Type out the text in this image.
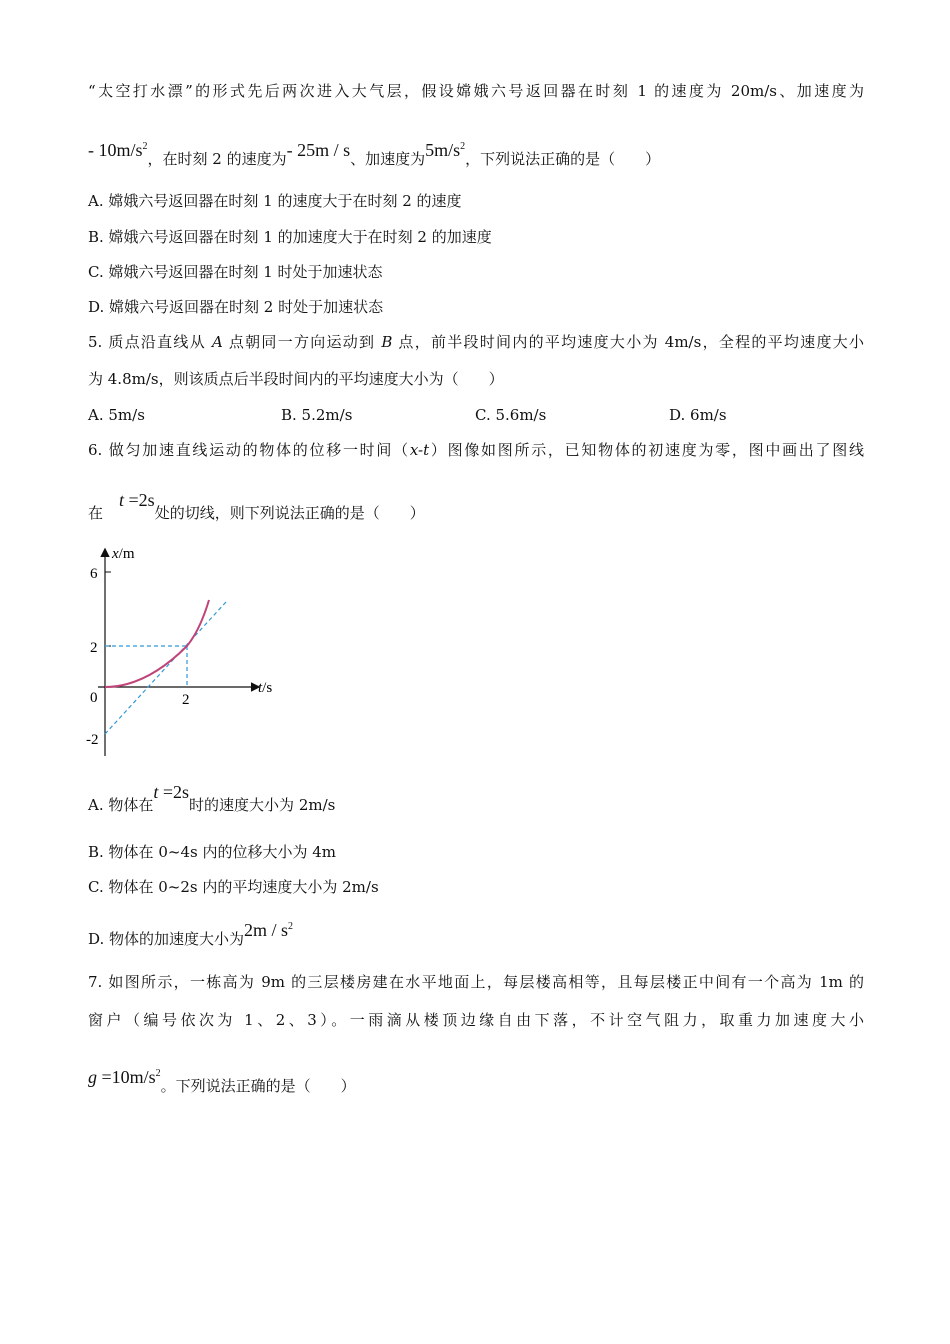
“太空打水漂”的形式先后两次进入大气层，假设嫦娥六号返回器在时刻 1 的速度为 20m/s、加速度为
- $10m/s^2$，在时刻 2 的速度为- 25m / s、加速度为$5m/s^2$，下列说法正确的是（　　）
A. 嫦娥六号返回器在时刻 1 的速度大于在时刻 2 的速度
B. 嫦娥六号返回器在时刻 1 的加速度大于在时刻 2 的加速度
C. 嫦娥六号返回器在时刻 1 时处于加速状态
D. 嫦娥六号返回器在时刻 2 时处于加速状态
5. 质点沿直线从 A 点朝同一方向运动到 B 点，前半段时间内的平均速度大小为 4m/s，全程的平均速度大小
为 4.8m/s，则该质点后半段时间内的平均速度大小为（　　）
A. 5m/s	B. 5.2m/s	C. 5.6m/s	D. 6m/s
6. 做匀加速直线运动的物体的位移一时间（x-t）图像如图所示，已知物体的初速度为零，图中画出了图线
在t =2s处的切线，则下列说法正确的是（　　）
x/m
t/s
6
2
0
-2
2
A. 物体在t =2s时的速度大小为 2m/s
B. 物体在 0~4s 内的位移大小为 4m
C. 物体在 0~2s 内的平均速度大小为 2m/s
D. 物体的加速度大小为$2m / s^2$
7. 如图所示，一栋高为 9m 的三层楼房建在水平地面上，每层楼高相等，且每层楼正中间有一个高为 1m 的
窗户（编号依次为 1、2、3）。一雨滴从楼顶边缘自由下落，不计空气阻力，取重力加速度大小
$g =10m/s^2$。下列说法正确的是（　　）
